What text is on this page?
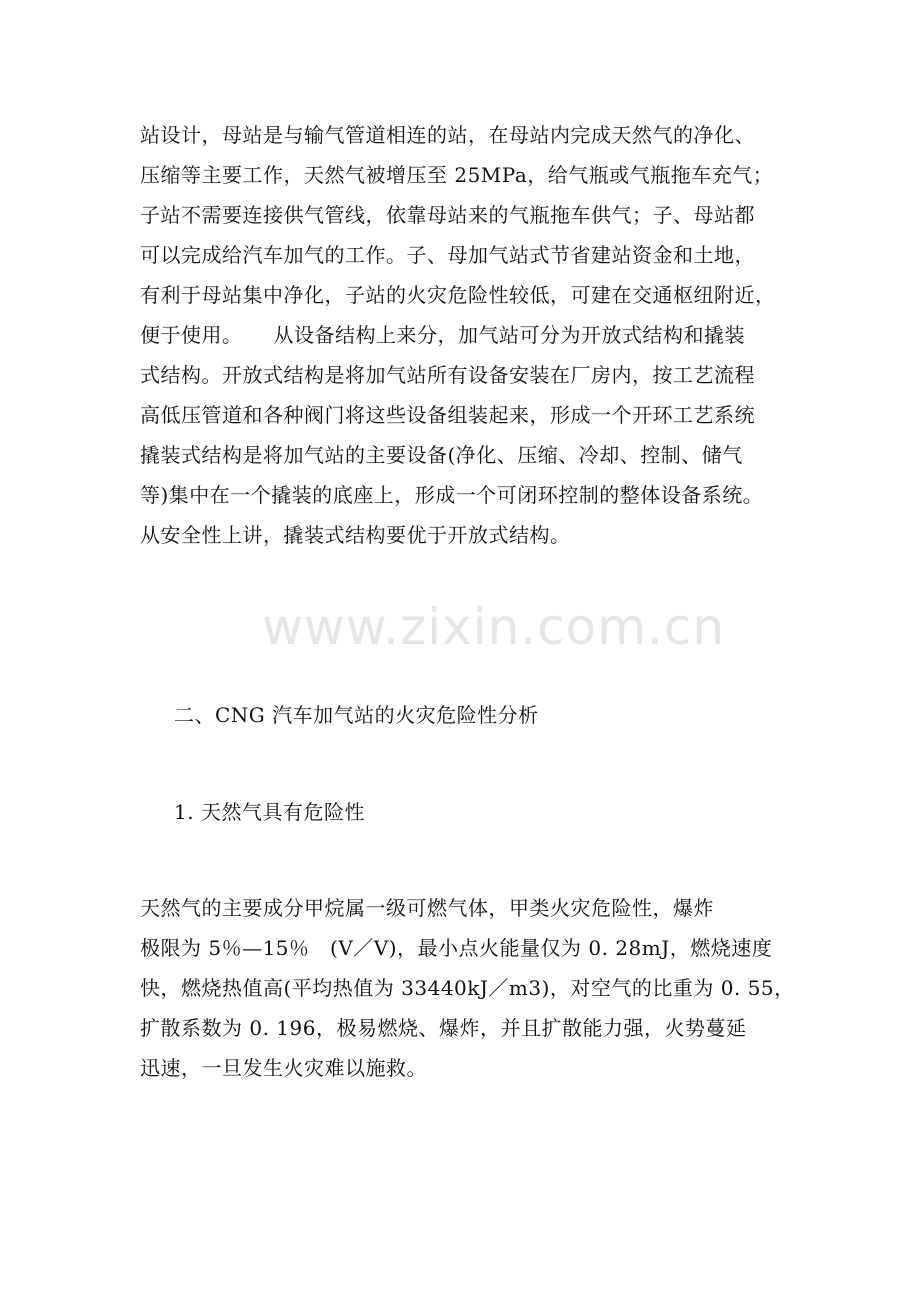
www.zixin.com.cn
站设计，母站是与输气管道相连的站，在母站内完成天然气的净化、
压缩等主要工作，天然气被增压至 25MPa，给气瓶或气瓶拖车充气；
子站不需要连接供气管线，依靠母站来的气瓶拖车供气；子、母站都
可以完成给汽车加气的工作。子、母加气站式节省建站资金和土地，
有利于母站集中净化，子站的火灾危险性较低，可建在交通枢纽附近，
便于使用。　　从设备结构上来分，加气站可分为开放式结构和撬装
式结构。开放式结构是将加气站所有设备安装在厂房内，按工艺流程
高低压管道和各种阀门将这些设备组装起来，形成一个开环工艺系统
撬装式结构是将加气站的主要设备(净化、压缩、冷却、控制、储气
等)集中在一个撬装的底座上，形成一个可闭环控制的整体设备系统。
从安全性上讲，撬装式结构要优于开放式结构。
二、CNG 汽车加气站的火灾危险性分析
1. 天然气具有危险性
天然气的主要成分甲烷属一级可燃气体，甲类火灾危险性，爆炸
极限为 5％—15％　(V／V)，最小点火能量仅为 0. 28mJ，燃烧速度
快，燃烧热值高(平均热值为 33440kJ／m3)，对空气的比重为 0. 55，
扩散系数为 0. 196，极易燃烧、爆炸，并且扩散能力强，火势蔓延
迅速，一旦发生火灾难以施救。
